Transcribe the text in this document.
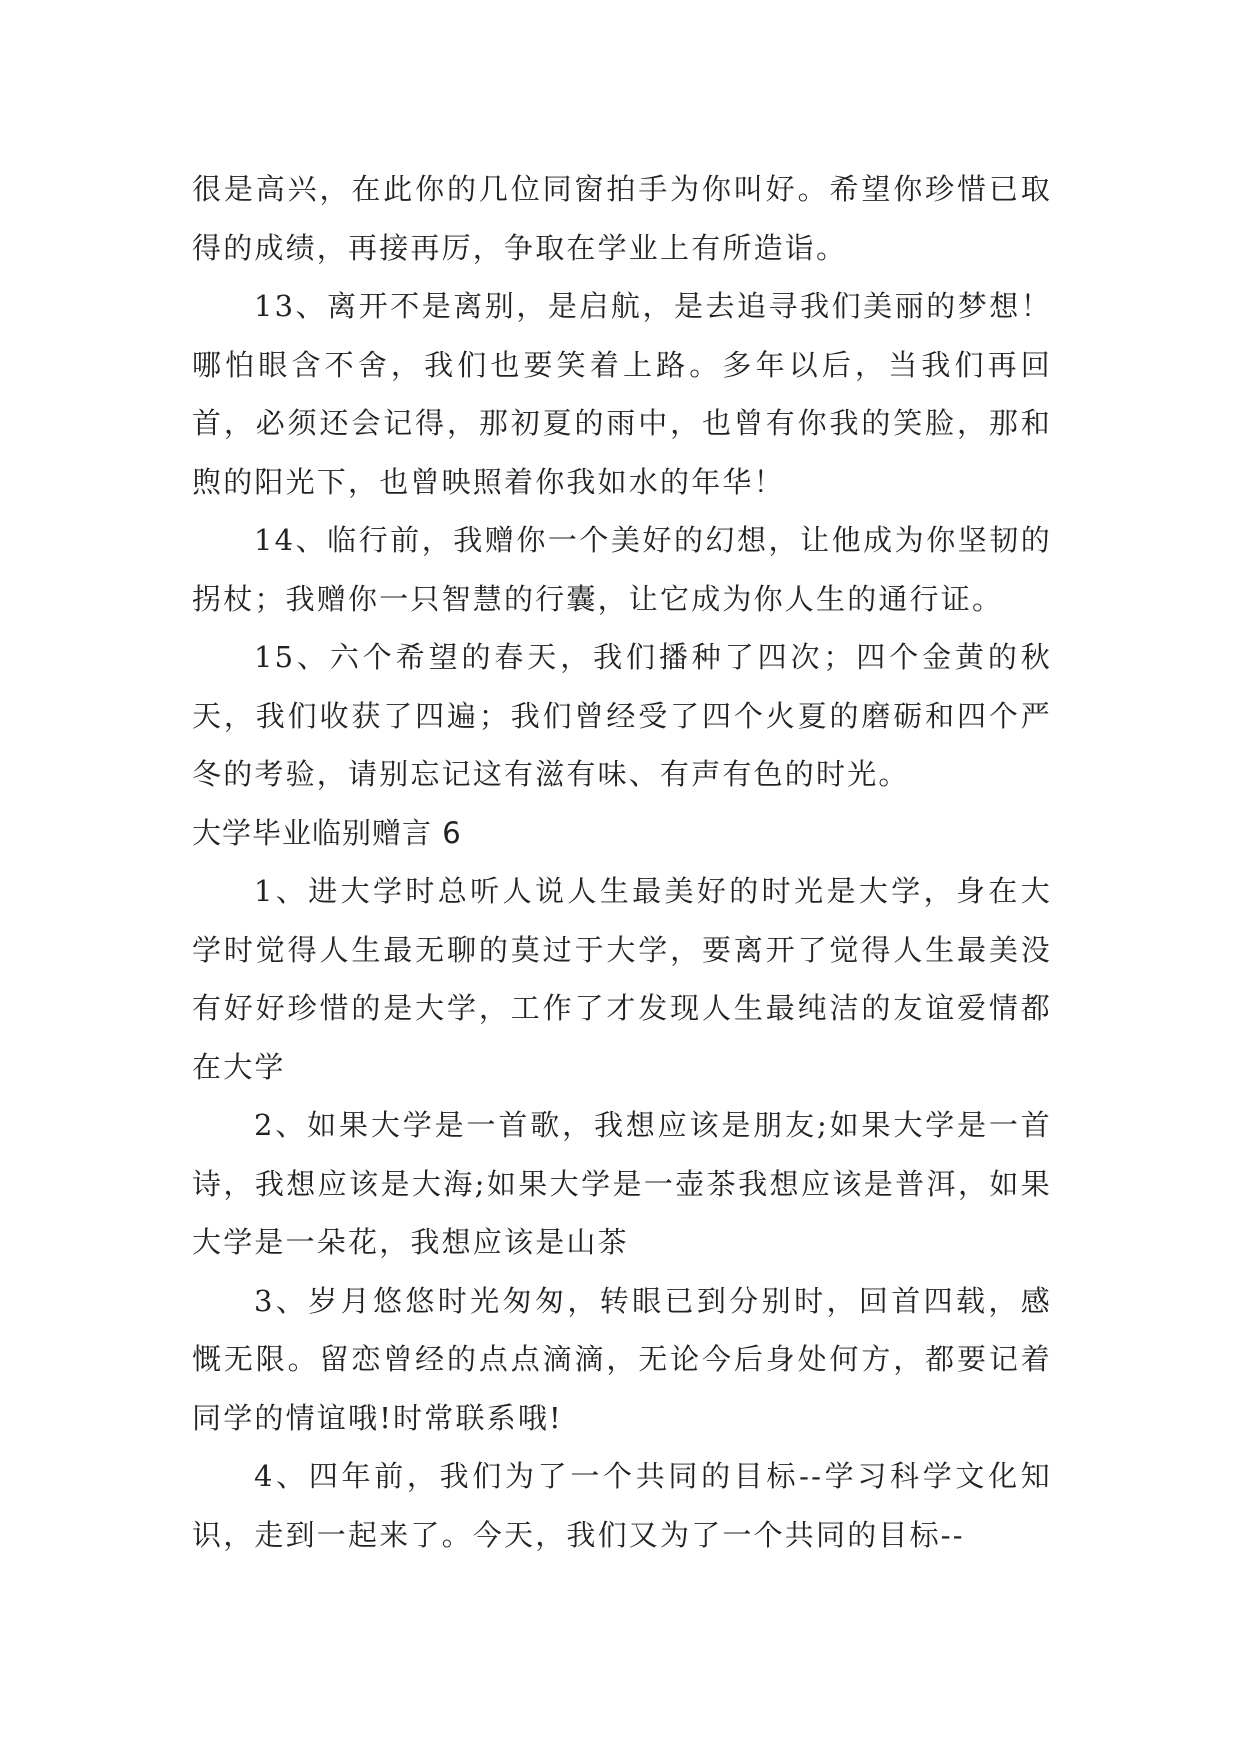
很是高兴，在此你的几位同窗拍手为你叫好。希望你珍惜已取得的成绩，再接再厉，争取在学业上有所造诣。

13、离开不是离别，是启航，是去追寻我们美丽的梦想！哪怕眼含不舍，我们也要笑着上路。多年以后，当我们再回首，必须还会记得，那初夏的雨中，也曾有你我的笑脸，那和煦的阳光下，也曾映照着你我如水的年华！

14、临行前，我赠你一个美好的幻想，让他成为你坚韧的拐杖；我赠你一只智慧的行囊，让它成为你人生的通行证。

15、六个希望的春天，我们播种了四次；四个金黄的秋天，我们收获了四遍；我们曾经受了四个火夏的磨砺和四个严冬的考验，请别忘记这有滋有味、有声有色的时光。

大学毕业临别赠言 6

1、进大学时总听人说人生最美好的时光是大学，身在大学时觉得人生最无聊的莫过于大学，要离开了觉得人生最美没有好好珍惜的是大学，工作了才发现人生最纯洁的友谊爱情都在大学

2、如果大学是一首歌，我想应该是朋友;如果大学是一首诗，我想应该是大海;如果大学是一壶茶我想应该是普洱，如果大学是一朵花，我想应该是山茶

3、岁月悠悠时光匆匆，转眼已到分别时，回首四载，感慨无限。留恋曾经的点点滴滴，无论今后身处何方，都要记着同学的情谊哦!时常联系哦!

4、四年前，我们为了一个共同的目标--学习科学文化知识，走到一起来了。今天，我们又为了一个共同的目标--
